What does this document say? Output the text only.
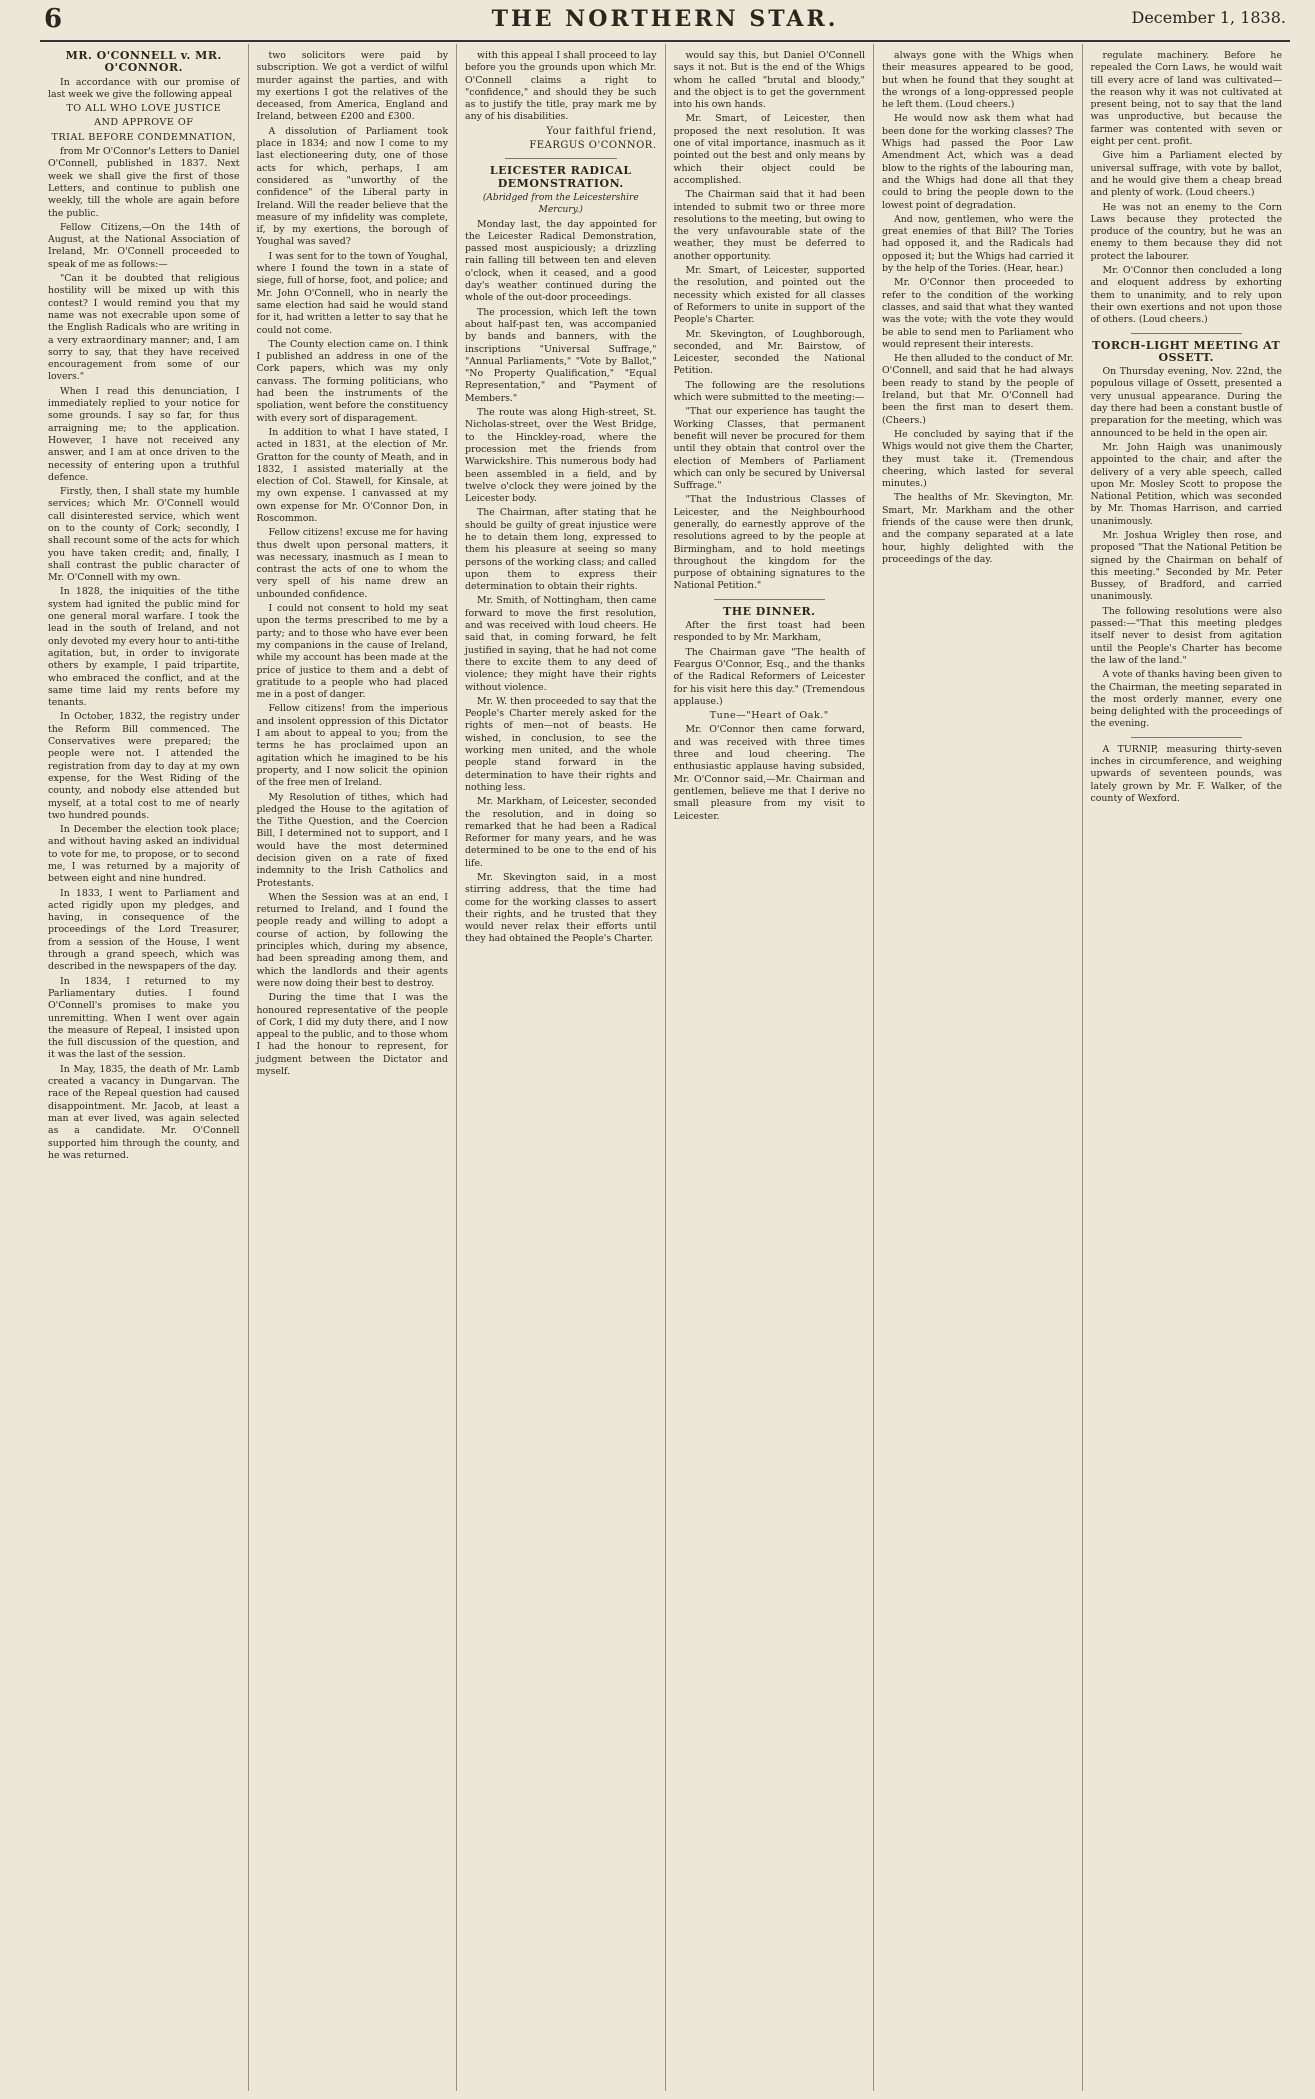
6	THE NORTHERN STAR.	December 1, 1838.

MR. O'CONNELL v. MR. O'CONNOR.

In accordance with our promise of last week we give the following appeal

TO ALL WHO LOVE JUSTICE

AND APPROVE OF

TRIAL BEFORE CONDEMNATION,

from Mr O'Connor's Letters to Daniel O'Connell, published in 1837. Next week we shall give the first of those Letters, and continue to publish one weekly, till the whole are again before the public.

Fellow Citizens,—On the 14th of August, at the National Association of Ireland, Mr. O'Connell proceeded to speak of me as follows:—

"Can it be doubted that religious hostility will be mixed up with this contest? I would remind you that my name was not execrable upon some of the English Radicals who are writing in a very extraordinary manner; and, I am sorry to say, that they have received encouragement from some of our lovers."

When I read this denunciation, I immediately replied to your notice for some grounds. I say so far, for thus arraigning me; to the application. However, I have not received any answer, and I am at once driven to the necessity of entering upon a truthful defence.

Firstly, then, I shall state my humble services; which Mr. O'Connell would call disinterested service, which went on to the county of Cork; secondly, I shall recount some of the acts for which you have taken credit; and, finally, I shall contrast the public character of Mr. O'Connell with my own.

In 1828, the iniquities of the tithe system had ignited the public mind for one general moral warfare. I took the lead in the south of Ireland, and not only devoted my every hour to anti-tithe agitation, but, in order to invigorate others by example, I paid tripartite, who embraced the conflict, and at the same time laid my rents before my tenants.

In October, 1832, the registry under the Reform Bill commenced. The Conservatives were prepared; the people were not. I attended the registration from day to day at my own expense, for the West Riding of the county, and nobody else attended but myself, at a total cost to me of nearly two hundred pounds.

In December the election took place; and without having asked an individual to vote for me, to propose, or to second me, I was returned by a majority of between eight and nine hundred.

In 1833, I went to Parliament and acted rigidly upon my pledges, and having, in consequence of the proceedings of the Lord Treasurer, from a session of the House, I went through a grand speech, which was described in the newspapers of the day.

In 1834, I returned to my Parliamentary duties. I found O'Connell's promises to make you unremitting. When I went over again the measure of Repeal, I insisted upon the full discussion of the question, and it was the last of the session.

In May, 1835, the death of Mr. Lamb created a vacancy in Dungarvan. The race of the Repeal question had caused disappointment. Mr. Jacob, at least a man at ever lived, was again selected as a candidate. Mr. O'Connell supported him through the county, and he was returned.

two solicitors were paid by subscription. We got a verdict of wilful murder against the parties, and with my exertions I got the relatives of the deceased, from America, England and Ireland, between £200 and £300.

A dissolution of Parliament took place in 1834; and now I come to my last electioneering duty, one of those acts for which, perhaps, I am considered as "unworthy of the confidence" of the Liberal party in Ireland. Will the reader believe that the measure of my infidelity was complete, if, by my exertions, the borough of Youghal was saved?

I was sent for to the town of Youghal, where I found the town in a state of siege, full of horse, foot, and police; and Mr. John O'Connell, who in nearly the same election had said he would stand for it, had written a letter to say that he could not come.

The County election came on. I think I published an address in one of the Cork papers, which was my only canvass. The forming politicians, who had been the instruments of the spoliation, went before the constituency with every sort of disparagement.

In addition to what I have stated, I acted in 1831, at the election of Mr. Gratton for the county of Meath, and in 1832, I assisted materially at the election of Col. Stawell, for Kinsale, at my own expense. I canvassed at my own expense for Mr. O'Connor Don, in Roscommon.

Fellow citizens! excuse me for having thus dwelt upon personal matters, it was necessary, inasmuch as I mean to contrast the acts of one to whom the very spell of his name drew an unbounded confidence.

I could not consent to hold my seat upon the terms prescribed to me by a party; and to those who have ever been my companions in the cause of Ireland, while my account has been made at the price of justice to them and a debt of gratitude to a people who had placed me in a post of danger.

Fellow citizens! from the imperious and insolent oppression of this Dictator I am about to appeal to you; from the terms he has proclaimed upon an agitation which he imagined to be his property, and I now solicit the opinion of the free men of Ireland.

My Resolution of tithes, which had pledged the House to the agitation of the Tithe Question, and the Coercion Bill, I determined not to support, and I would have the most determined decision given on a rate of fixed indemnity to the Irish Catholics and Protestants.

When the Session was at an end, I returned to Ireland, and I found the people ready and willing to adopt a course of action, by following the principles which, during my absence, had been spreading among them, and which the landlords and their agents were now doing their best to destroy.

During the time that I was the honoured representative of the people of Cork, I did my duty there, and I now appeal to the public, and to those whom I had the honour to represent, for judgment between the Dictator and myself.

with this appeal I shall proceed to lay before you the grounds upon which Mr. O'Connell claims a right to "confidence," and should they be such as to justify the title, pray mark me by any of his disabilities.

Your faithful friend,

FEARGUS O'CONNOR.

LEICESTER RADICAL DEMONSTRATION.

(Abridged from the Leicestershire Mercury.)

Monday last, the day appointed for the Leicester Radical Demonstration, passed most auspiciously; a drizzling rain falling till between ten and eleven o'clock, when it ceased, and a good day's weather continued during the whole of the out-door proceedings.

The procession, which left the town about half-past ten, was accompanied by bands and banners, with the inscriptions "Universal Suffrage," "Annual Parliaments," "Vote by Ballot," "No Property Qualification," "Equal Representation," and "Payment of Members."

The route was along High-street, St. Nicholas-street, over the West Bridge, to the Hinckley-road, where the procession met the friends from Warwickshire. This numerous body had been assembled in a field, and by twelve o'clock they were joined by the Leicester body.

The Chairman, after stating that he should be guilty of great injustice were he to detain them long, expressed to them his pleasure at seeing so many persons of the working class; and called upon them to express their determination to obtain their rights.

Mr. Smith, of Nottingham, then came forward to move the first resolution, and was received with loud cheers. He said that, in coming forward, he felt justified in saying, that he had not come there to excite them to any deed of violence; they might have their rights without violence.

Mr. W. then proceeded to say that the People's Charter merely asked for the rights of men—not of beasts. He wished, in conclusion, to see the working men united, and the whole people stand forward in the determination to have their rights and nothing less.

Mr. Markham, of Leicester, seconded the resolution, and in doing so remarked that he had been a Radical Reformer for many years, and he was determined to be one to the end of his life.

Mr. Skevington said, in a most stirring address, that the time had come for the working classes to assert their rights, and he trusted that they would never relax their efforts until they had obtained the People's Charter.

would say this, but Daniel O'Connell says it not. But is the end of the Whigs whom he called "brutal and bloody," and the object is to get the government into his own hands.

Mr. Smart, of Leicester, then proposed the next resolution. It was one of vital importance, inasmuch as it pointed out the best and only means by which their object could be accomplished.

The Chairman said that it had been intended to submit two or three more resolutions to the meeting, but owing to the very unfavourable state of the weather, they must be deferred to another opportunity.

Mr. Smart, of Leicester, supported the resolution, and pointed out the necessity which existed for all classes of Reformers to unite in support of the People's Charter.

Mr. Skevington, of Loughborough, seconded, and Mr. Bairstow, of Leicester, seconded the National Petition.

The following are the resolutions which were submitted to the meeting:—

"That our experience has taught the Working Classes, that permanent benefit will never be procured for them until they obtain that control over the election of Members of Parliament which can only be secured by Universal Suffrage."

"That the Industrious Classes of Leicester, and the Neighbourhood generally, do earnestly approve of the resolutions agreed to by the people at Birmingham, and to hold meetings throughout the kingdom for the purpose of obtaining signatures to the National Petition."

THE DINNER.

After the first toast had been responded to by Mr. Markham,

The Chairman gave "The health of Feargus O'Connor, Esq., and the thanks of the Radical Reformers of Leicester for his visit here this day." (Tremendous applause.)

Tune—"Heart of Oak."

Mr. O'Connor then came forward, and was received with three times three and loud cheering. The enthusiastic applause having subsided, Mr. O'Connor said,—Mr. Chairman and gentlemen, believe me that I derive no small pleasure from my visit to Leicester.

always gone with the Whigs when their measures appeared to be good, but when he found that they sought at the wrongs of a long-oppressed people he left them. (Loud cheers.)

He would now ask them what had been done for the working classes? The Whigs had passed the Poor Law Amendment Act, which was a dead blow to the rights of the labouring man, and the Whigs had done all that they could to bring the people down to the lowest point of degradation.

And now, gentlemen, who were the great enemies of that Bill? The Tories had opposed it, and the Radicals had opposed it; but the Whigs had carried it by the help of the Tories. (Hear, hear.)

Mr. O'Connor then proceeded to refer to the condition of the working classes, and said that what they wanted was the vote; with the vote they would be able to send men to Parliament who would represent their interests.

He then alluded to the conduct of Mr. O'Connell, and said that he had always been ready to stand by the people of Ireland, but that Mr. O'Connell had been the first man to desert them. (Cheers.)

He concluded by saying that if the Whigs would not give them the Charter, they must take it. (Tremendous cheering, which lasted for several minutes.)

The healths of Mr. Skevington, Mr. Smart, Mr. Markham and the other friends of the cause were then drunk, and the company separated at a late hour, highly delighted with the proceedings of the day.

regulate machinery. Before he repealed the Corn Laws, he would wait till every acre of land was cultivated—the reason why it was not cultivated at present being, not to say that the land was unproductive, but because the farmer was contented with seven or eight per cent. profit.

Give him a Parliament elected by universal suffrage, with vote by ballot, and he would give them a cheap bread and plenty of work. (Loud cheers.)

He was not an enemy to the Corn Laws because they protected the produce of the country, but he was an enemy to them because they did not protect the labourer.

Mr. O'Connor then concluded a long and eloquent address by exhorting them to unanimity, and to rely upon their own exertions and not upon those of others. (Loud cheers.)

TORCH-LIGHT MEETING AT OSSETT.

On Thursday evening, Nov. 22nd, the populous village of Ossett, presented a very unusual appearance. During the day there had been a constant bustle of preparation for the meeting, which was announced to be held in the open air.

Mr. John Haigh was unanimously appointed to the chair, and after the delivery of a very able speech, called upon Mr. Mosley Scott to propose the National Petition, which was seconded by Mr. Thomas Harrison, and carried unanimously.

Mr. Joshua Wrigley then rose, and proposed "That the National Petition be signed by the Chairman on behalf of this meeting." Seconded by Mr. Peter Bussey, of Bradford, and carried unanimously.

The following resolutions were also passed:—"That this meeting pledges itself never to desist from agitation until the People's Charter has become the law of the land."

A vote of thanks having been given to the Chairman, the meeting separated in the most orderly manner, every one being delighted with the proceedings of the evening.

A TURNIP, measuring thirty-seven inches in circumference, and weighing upwards of seventeen pounds, was lately grown by Mr. F. Walker, of the county of Wexford.
